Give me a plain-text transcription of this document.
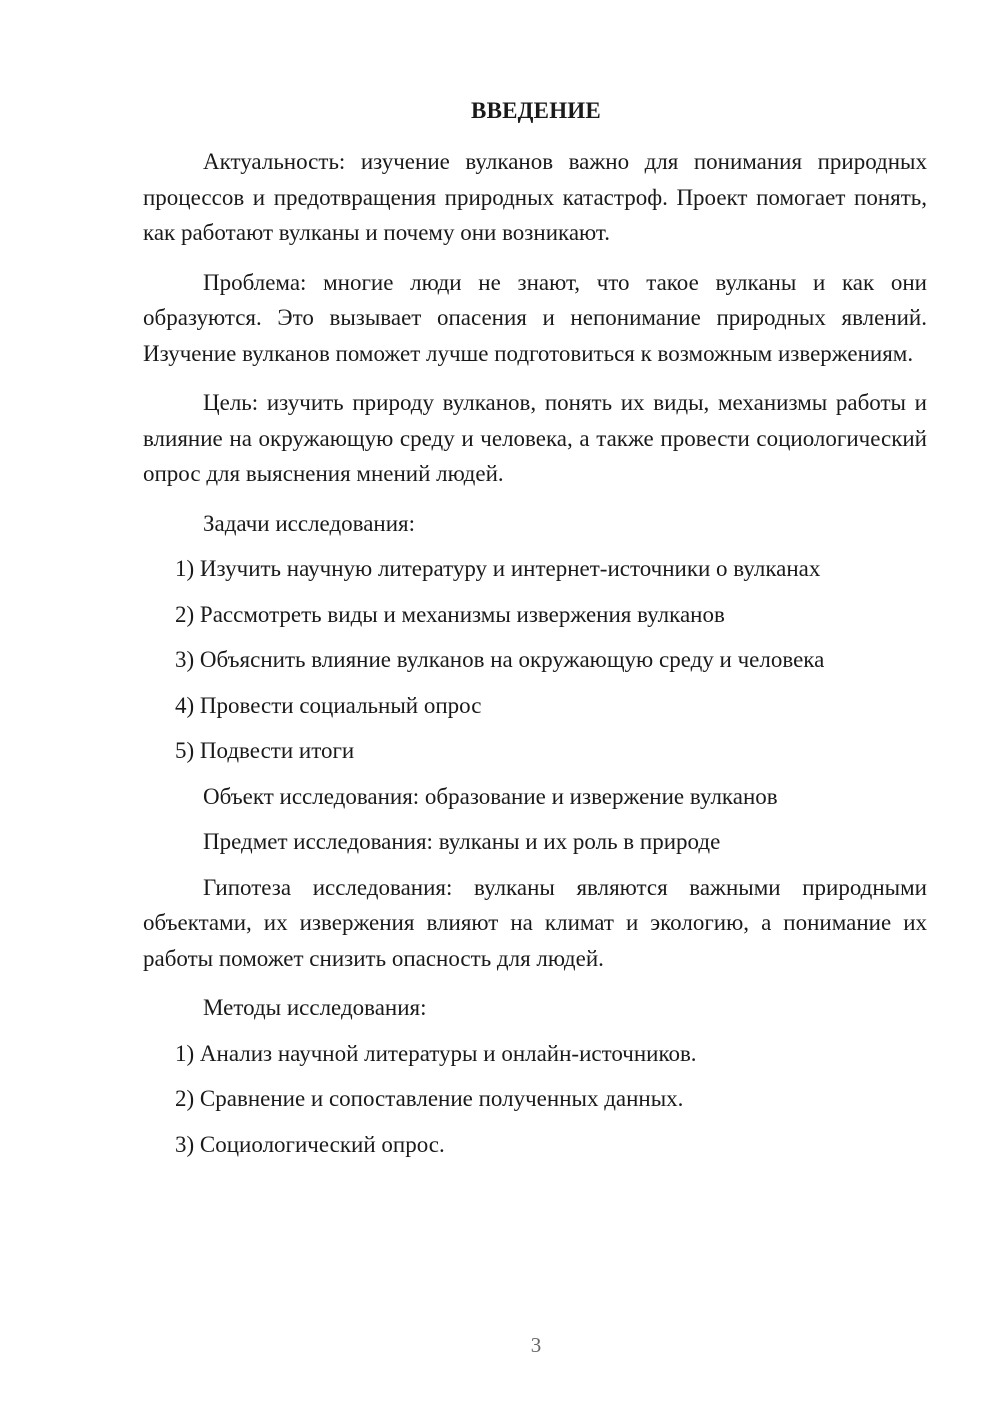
ВВЕДЕНИЕ

Актуальность: изучение вулканов важно для понимания природных процессов и предотвращения природных катастроф. Проект помогает понять, как работают вулканы и почему они возникают.

Проблема: многие люди не знают, что такое вулканы и как они образуются. Это вызывает опасения и непонимание природных явлений. Изучение вулканов поможет лучше подготовиться к возможным извержениям.

Цель: изучить природу вулканов, понять их виды, механизмы работы и влияние на окружающую среду и человека, а также провести социологический опрос для выяснения мнений людей.

Задачи исследования:

1) Изучить научную литературу и интернет-источники о вулканах

2) Рассмотреть виды и механизмы извержения вулканов

3) Объяснить влияние вулканов на окружающую среду и человека

4) Провести социальный опрос

5) Подвести итоги

Объект исследования: образование и извержение вулканов

Предмет исследования: вулканы и их роль в природе

Гипотеза исследования: вулканы являются важными природными объектами, их извержения влияют на климат и экологию, а понимание их работы поможет снизить опасность для людей.

Методы исследования:

1) Анализ научной литературы и онлайн-источников.

2) Сравнение и сопоставление полученных данных.

3) Социологический опрос.

3
